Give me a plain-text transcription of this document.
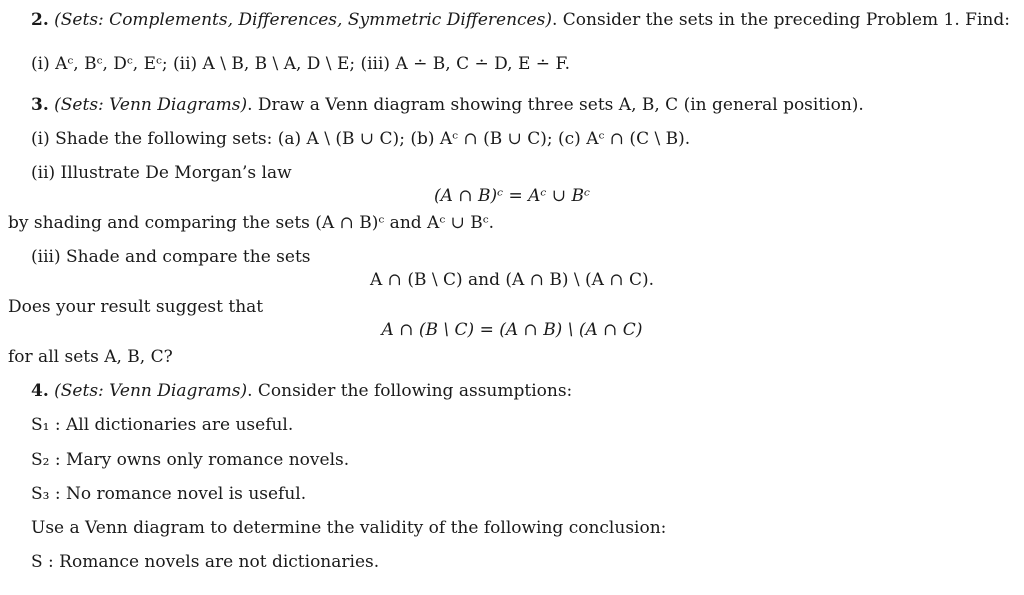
2. (Sets: Complements, Differences, Symmetric Differences). Consider the sets in the preceding Problem 1. Find:
(i) Aᶜ, Bᶜ, Dᶜ, Eᶜ; (ii) A \ B, B \ A, D \ E; (iii) A ∸ B, C ∸ D, E ∸ F.
3. (Sets: Venn Diagrams). Draw a Venn diagram showing three sets A, B, C (in general position).
(i) Shade the following sets: (a) A \ (B ∪ C); (b) Aᶜ ∩ (B ∪ C); (c) Aᶜ ∩ (C \ B).
(ii) Illustrate De Morgan’s law
(A ∩ B)ᶜ = Aᶜ ∪ Bᶜ
by shading and comparing the sets (A ∩ B)ᶜ and Aᶜ ∪ Bᶜ.
(iii) Shade and compare the sets
A ∩ (B \ C) and (A ∩ B) \ (A ∩ C).
Does your result suggest that
A ∩ (B \ C) = (A ∩ B) \ (A ∩ C)
for all sets A, B, C?
4. (Sets: Venn Diagrams). Consider the following assumptions:
S₁ : All dictionaries are useful.
S₂ : Mary owns only romance novels.
S₃ : No romance novel is useful.
Use a Venn diagram to determine the validity of the following conclusion:
S : Romance novels are not dictionaries.
